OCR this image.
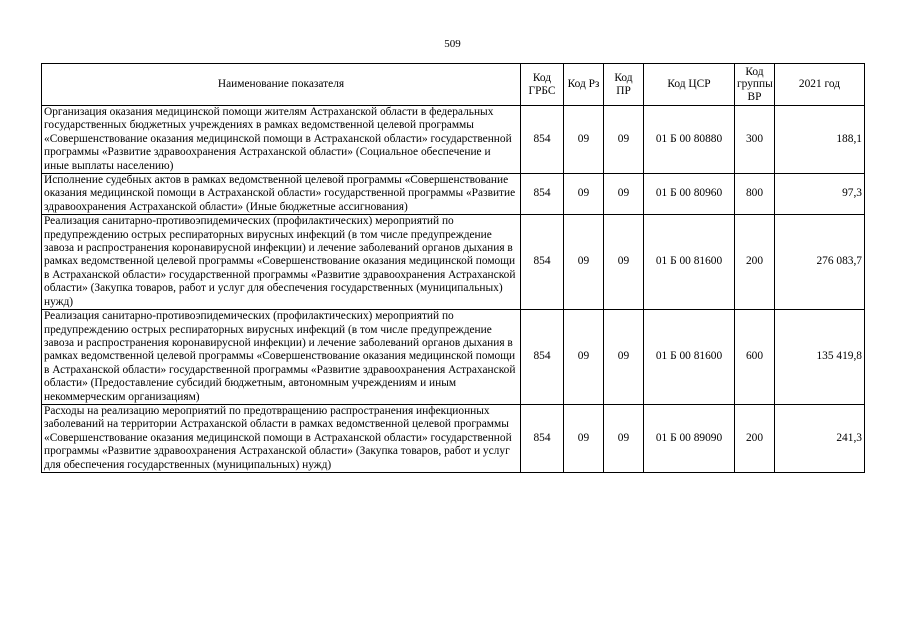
509
Наименование показателя	Код ГРБС	Код Рз	Код ПР	Код ЦСР	Код группы ВР	2021 год
Организация оказания медицинской помощи жителям Астраханской области в федеральных государственных бюджетных учреждениях в рамках ведомственной целевой программы «Совершенствование оказания медицинской помощи в Астраханской области» государственной программы «Развитие здравоохранения Астраханской области» (Социальное обеспечение и иные выплаты населению)	854	09	09	01 Б 00 80880	300	188,1
Исполнение судебных актов в рамках ведомственной целевой программы «Совершенствование оказания медицинской помощи в Астраханской области» государственной программы «Развитие здравоохранения Астраханской области» (Иные бюджетные ассигнования)	854	09	09	01 Б 00 80960	800	97,3
Реализация санитарно-противоэпидемических (профилактических) мероприятий по предупреждению острых респираторных вирусных инфекций (в том числе предупреждение завоза и распространения коронавирусной инфекции) и лечение заболеваний органов дыхания в рамках ведомственной целевой программы «Совершенствование оказания медицинской помощи в Астраханской области» государственной программы «Развитие здравоохранения Астраханской области» (Закупка товаров, работ и услуг для обеспечения государственных (муниципальных) нужд)	854	09	09	01 Б 00 81600	200	276 083,7
Реализация санитарно-противоэпидемических (профилактических) мероприятий по предупреждению острых респираторных вирусных инфекций (в том числе предупреждение завоза и распространения коронавирусной инфекции) и лечение заболеваний органов дыхания в рамках ведомственной целевой программы «Совершенствование оказания медицинской помощи в Астраханской области» государственной программы «Развитие здравоохранения Астраханской области» (Предоставление субсидий бюджетным, автономным учреждениям и иным некоммерческим организациям)	854	09	09	01 Б 00 81600	600	135 419,8
Расходы на реализацию мероприятий по предотвращению распространения инфекционных заболеваний на территории Астраханской области в рамках ведомственной целевой программы «Совершенствование оказания медицинской помощи в Астраханской области» государственной программы «Развитие здравоохранения Астраханской области» (Закупка товаров, работ и услуг для обеспечения государственных (муниципальных) нужд)	854	09	09	01 Б 00 89090	200	241,3
